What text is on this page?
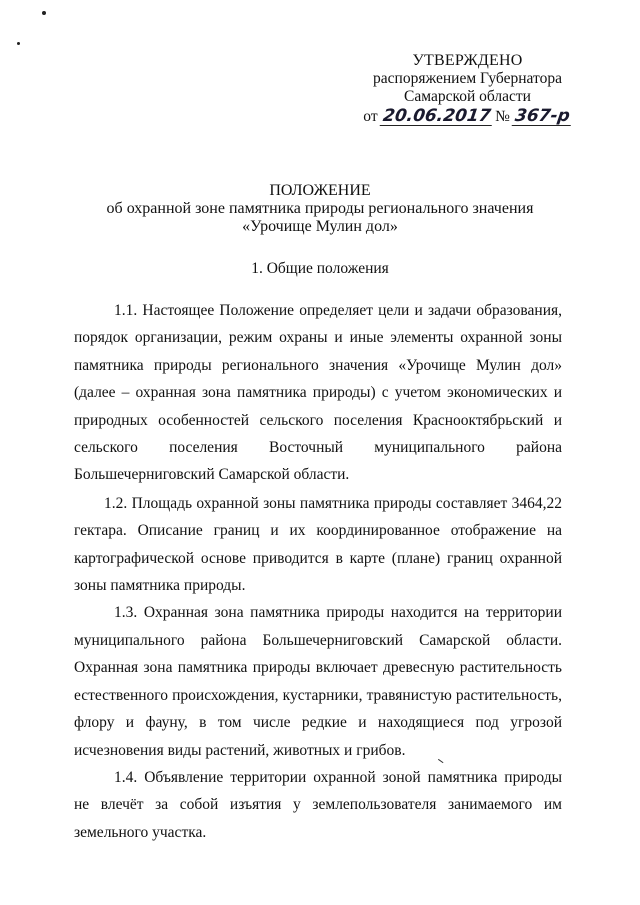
УТВЕРЖДЕНО
распоряжением Губернатора
Самарской области
от 20.06.2017 № 367-р
ПОЛОЖЕНИЕ
об охранной зоне памятника природы регионального значения
«Урочище Мулин дол»
1. Общие положения

1.1. Настоящее Положение определяет цели и задачи образования, порядок организации, режим охраны и иные элементы охранной зоны памятника природы регионального значения «Урочище Мулин дол» (далее – охранная зона памятника природы) с учетом экономических и природных особенностей сельского поселения Краснооктябрьский и сельского поселения Восточный муниципального района Большечерниговский Самарской области.

1.2. Площадь охранной зоны памятника природы составляет 3464,22 гектара. Описание границ и их координированное отображение на картографической основе приводится в карте (плане) границ охранной зоны памятника природы.

1.3. Охранная зона памятника природы находится на территории муниципального района Большечерниговский Самарской области. Охранная зона памятника природы включает древесную растительность естественного происхождения, кустарники, травянистую растительность, флору и фауну, в том числе редкие и находящиеся под угрозой исчезновения виды растений, животных и грибов.

1.4. Объявление территории охранной зоной памятника природы не влечёт за собой изъятия у землепользователя занимаемого им земельного участка.
